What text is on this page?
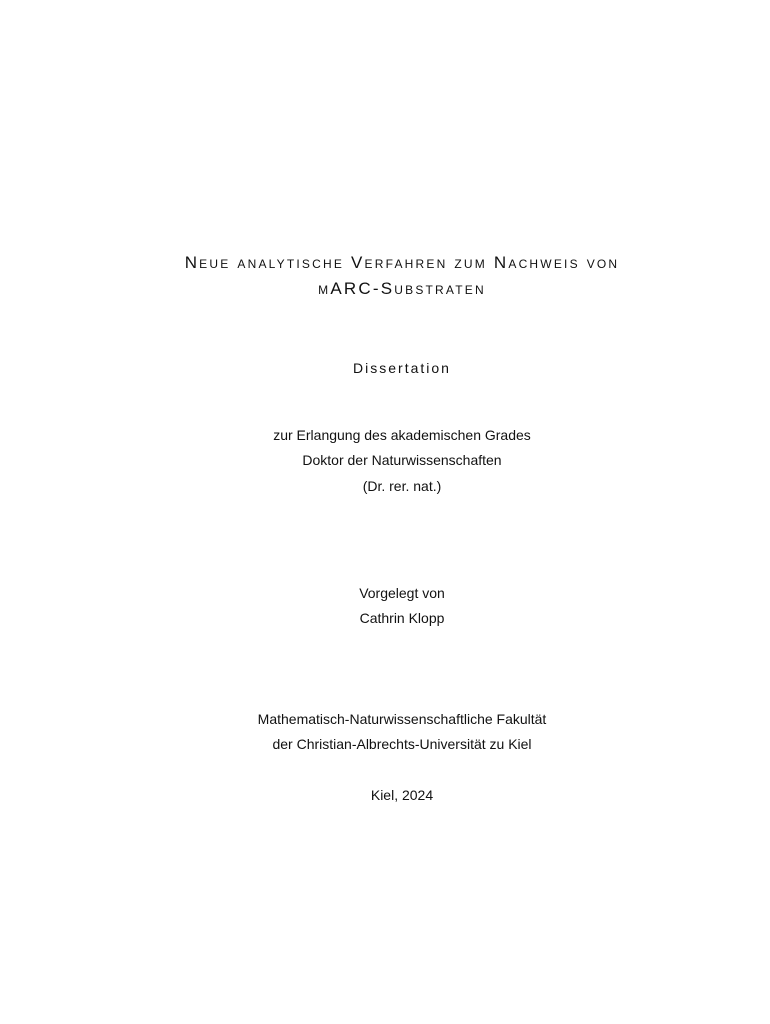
Neue analytische Verfahren zum Nachweis von
mARC-Substraten
Dissertation
zur Erlangung des akademischen Grades
Doktor der Naturwissenschaften
(Dr. rer. nat.)
Vorgelegt von
Cathrin Klopp
Mathematisch-Naturwissenschaftliche Fakultät
der Christian-Albrechts-Universität zu Kiel
Kiel, 2024
